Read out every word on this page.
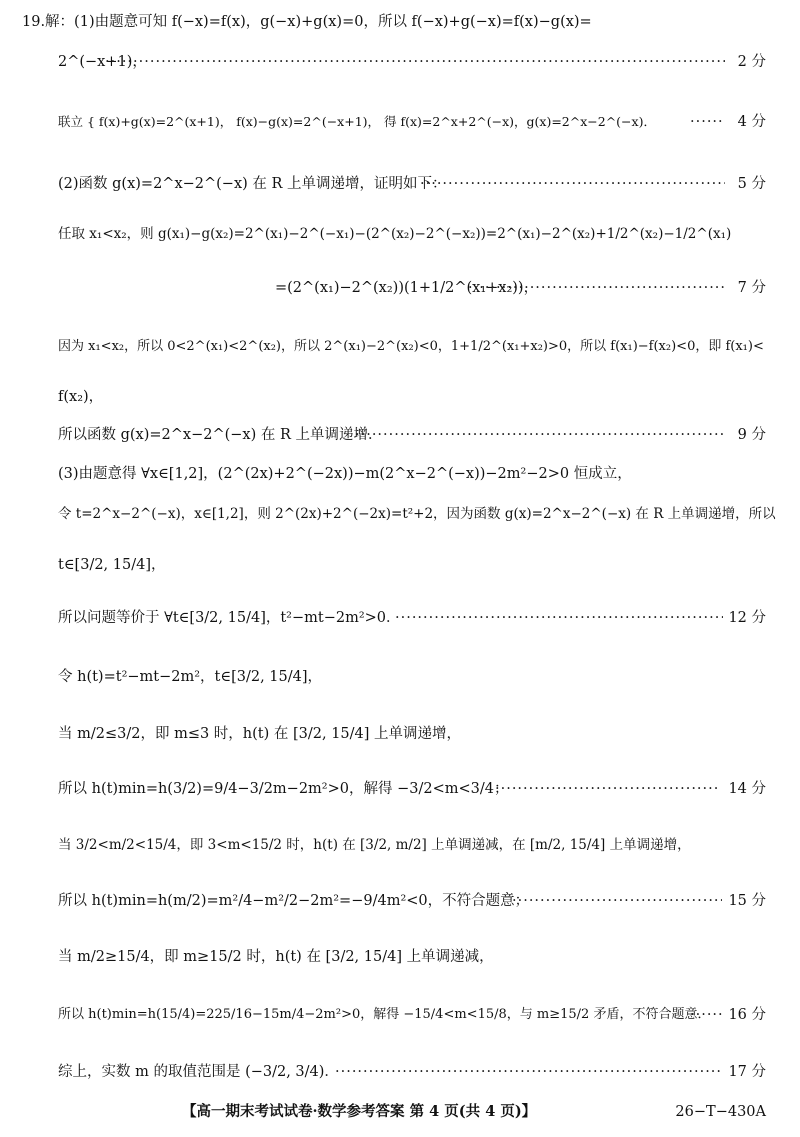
19.解：(1)由题意可知 f(−x)=f(x)，g(−x)+g(x)=0，所以 f(−x)+g(−x)=f(x)−g(x)=
2^(−x+1)， ·····	2 分
联立 { f(x)+g(x)=2^(x+1)， f(x)−g(x)=2^(−x+1)， 得 f(x)=2^x+2^(−x)，g(x)=2^x−2^(−x)． ·····	4 分
(2)函数 g(x)=2^x−2^(−x) 在 R 上单调递增，证明如下： ·····	5 分
任取 x₁<x₂，则 g(x₁)−g(x₂)=2^(x₁)−2^(−x₁)−(2^(x₂)−2^(−x₂))=2^(x₁)−2^(x₂)+1/2^(x₂)−1/2^(x₁)
=(2^(x₁)−2^(x₂))(1+1/2^(x₁+x₂))， ·····	7 分
因为 x₁<x₂，所以 0<2^(x₁)<2^(x₂)，所以 2^(x₁)−2^(x₂)<0，1+1/2^(x₁+x₂)>0，所以 f(x₁)−f(x₂)<0，即 f(x₁)<
f(x₂)，
所以函数 g(x)=2^x−2^(−x) 在 R 上单调递增． ·····	9 分
(3)由题意得 ∀x∈[1,2]，(2^(2x)+2^(−2x))−m(2^x−2^(−x))−2m²−2>0 恒成立，
令 t=2^x−2^(−x)，x∈[1,2]，则 2^(2x)+2^(−2x)=t²+2，因为函数 g(x)=2^x−2^(−x) 在 R 上单调递增，所以
t∈[3/2, 15/4]，
所以问题等价于 ∀t∈[3/2, 15/4]，t²−mt−2m²>0． ·····	12 分
令 h(t)=t²−mt−2m²，t∈[3/2, 15/4]，
当 m/2≤3/2，即 m≤3 时，h(t) 在 [3/2, 15/4] 上单调递增，
所以 h(t)min=h(3/2)=9/4−3/2m−2m²>0，解得 −3/2<m<3/4； ·····	14 分
当 3/2<m/2<15/4，即 3<m<15/2 时，h(t) 在 [3/2, m/2] 上单调递减，在 [m/2, 15/4] 上单调递增，
所以 h(t)min=h(m/2)=m²/4−m²/2−2m²=−9/4m²<0，不符合题意； ·····	15 分
当 m/2≥15/4，即 m≥15/2 时，h(t) 在 [3/2, 15/4] 上单调递减，
所以 h(t)min=h(15/4)=225/16−15m/4−2m²>0，解得 −15/4<m<15/8，与 m≥15/2 矛盾，不符合题意． ····· 16 分
综上，实数 m 的取值范围是 (−3/2, 3/4)． ·····	17 分
【高一期末考试试卷·数学参考答案 第 4 页(共 4 页)】	26−T−430A
